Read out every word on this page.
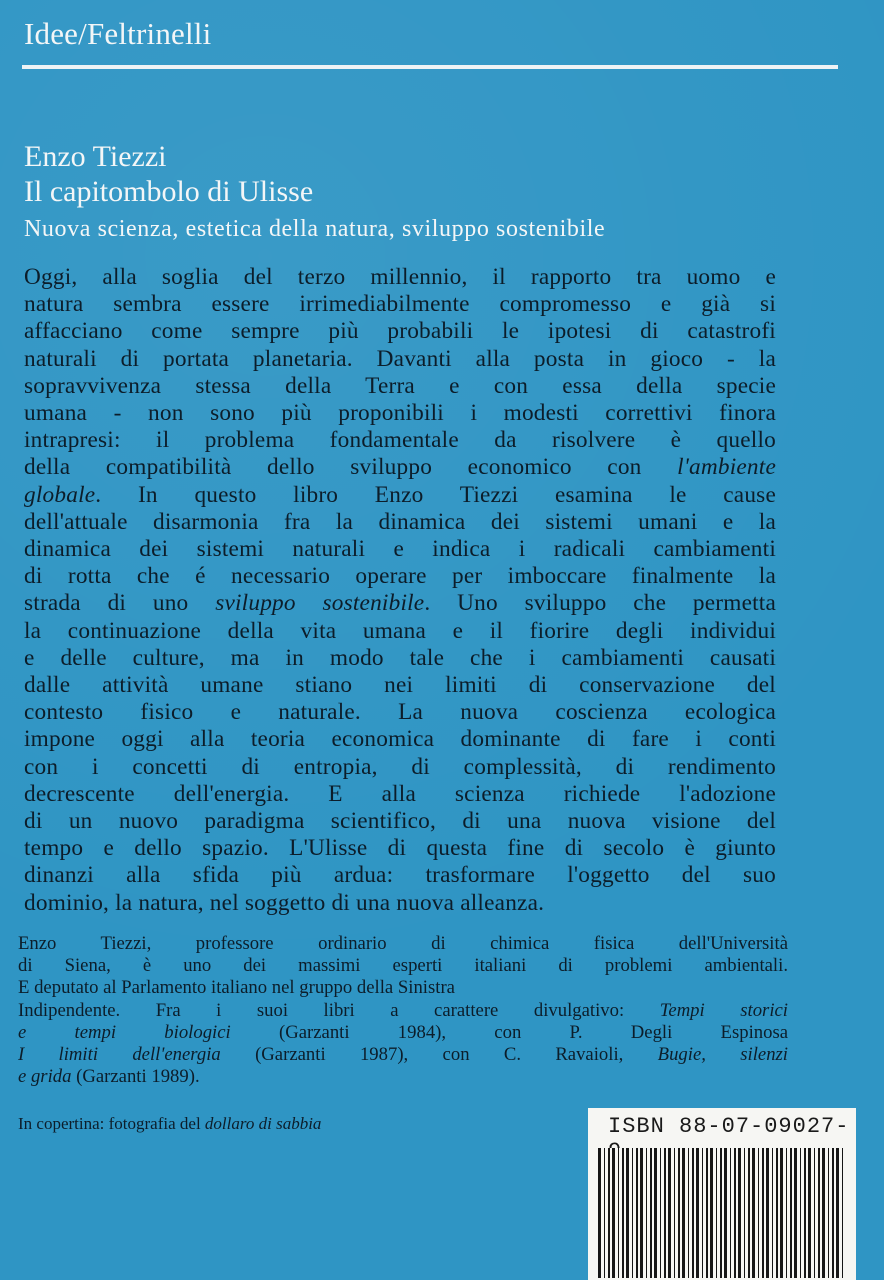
Idee/Feltrinelli
Enzo Tiezzi
Il capitombolo di Ulisse
Nuova scienza, estetica della natura, sviluppo sostenibile
Oggi, alla soglia del terzo millennio, il rapporto tra uomo e
natura sembra essere irrimediabilmente compromesso e già si
affacciano come sempre più probabili le ipotesi di catastrofi
naturali di portata planetaria. Davanti alla posta in gioco - la
sopravvivenza stessa della Terra e con essa della specie
umana - non sono più proponibili i modesti correttivi finora
intrapresi: il problema fondamentale da risolvere è quello
della compatibilità dello sviluppo economico con l'ambiente
globale. In questo libro Enzo Tiezzi esamina le cause
dell'attuale disarmonia fra la dinamica dei sistemi umani e la
dinamica dei sistemi naturali e indica i radicali cambiamenti
di rotta che é necessario operare per imboccare finalmente la
strada di uno sviluppo sostenibile. Uno sviluppo che permetta
la continuazione della vita umana e il fiorire degli individui
e delle culture, ma in modo tale che i cambiamenti causati
dalle attività umane stiano nei limiti di conservazione del
contesto fisico e naturale. La nuova coscienza ecologica
impone oggi alla teoria economica dominante di fare i conti
con i concetti di entropia, di complessità, di rendimento
decrescente dell'energia. E alla scienza richiede l'adozione
di un nuovo paradigma scientifico, di una nuova visione del
tempo e dello spazio. L'Ulisse di questa fine di secolo è giunto
dinanzi alla sfida più ardua: trasformare l'oggetto del suo
dominio, la natura, nel soggetto di una nuova alleanza.
Enzo Tiezzi, professore ordinario di chimica fisica dell'Università
di Siena, è uno dei massimi esperti italiani di problemi ambientali.
E deputato al Parlamento italiano nel gruppo della Sinistra
Indipendente. Fra i suoi libri a carattere divulgativo: Tempi storici
e tempi biologici	(Garzanti 1984), con P. Degli Espinosa
I limiti dell'energia (Garzanti 1987), con C. Ravaioli, Bugie, silenzi
e grida (Garzanti 1989).
In copertina: fotografia del dollaro di sabbia	ISBN 88-07-09027-
